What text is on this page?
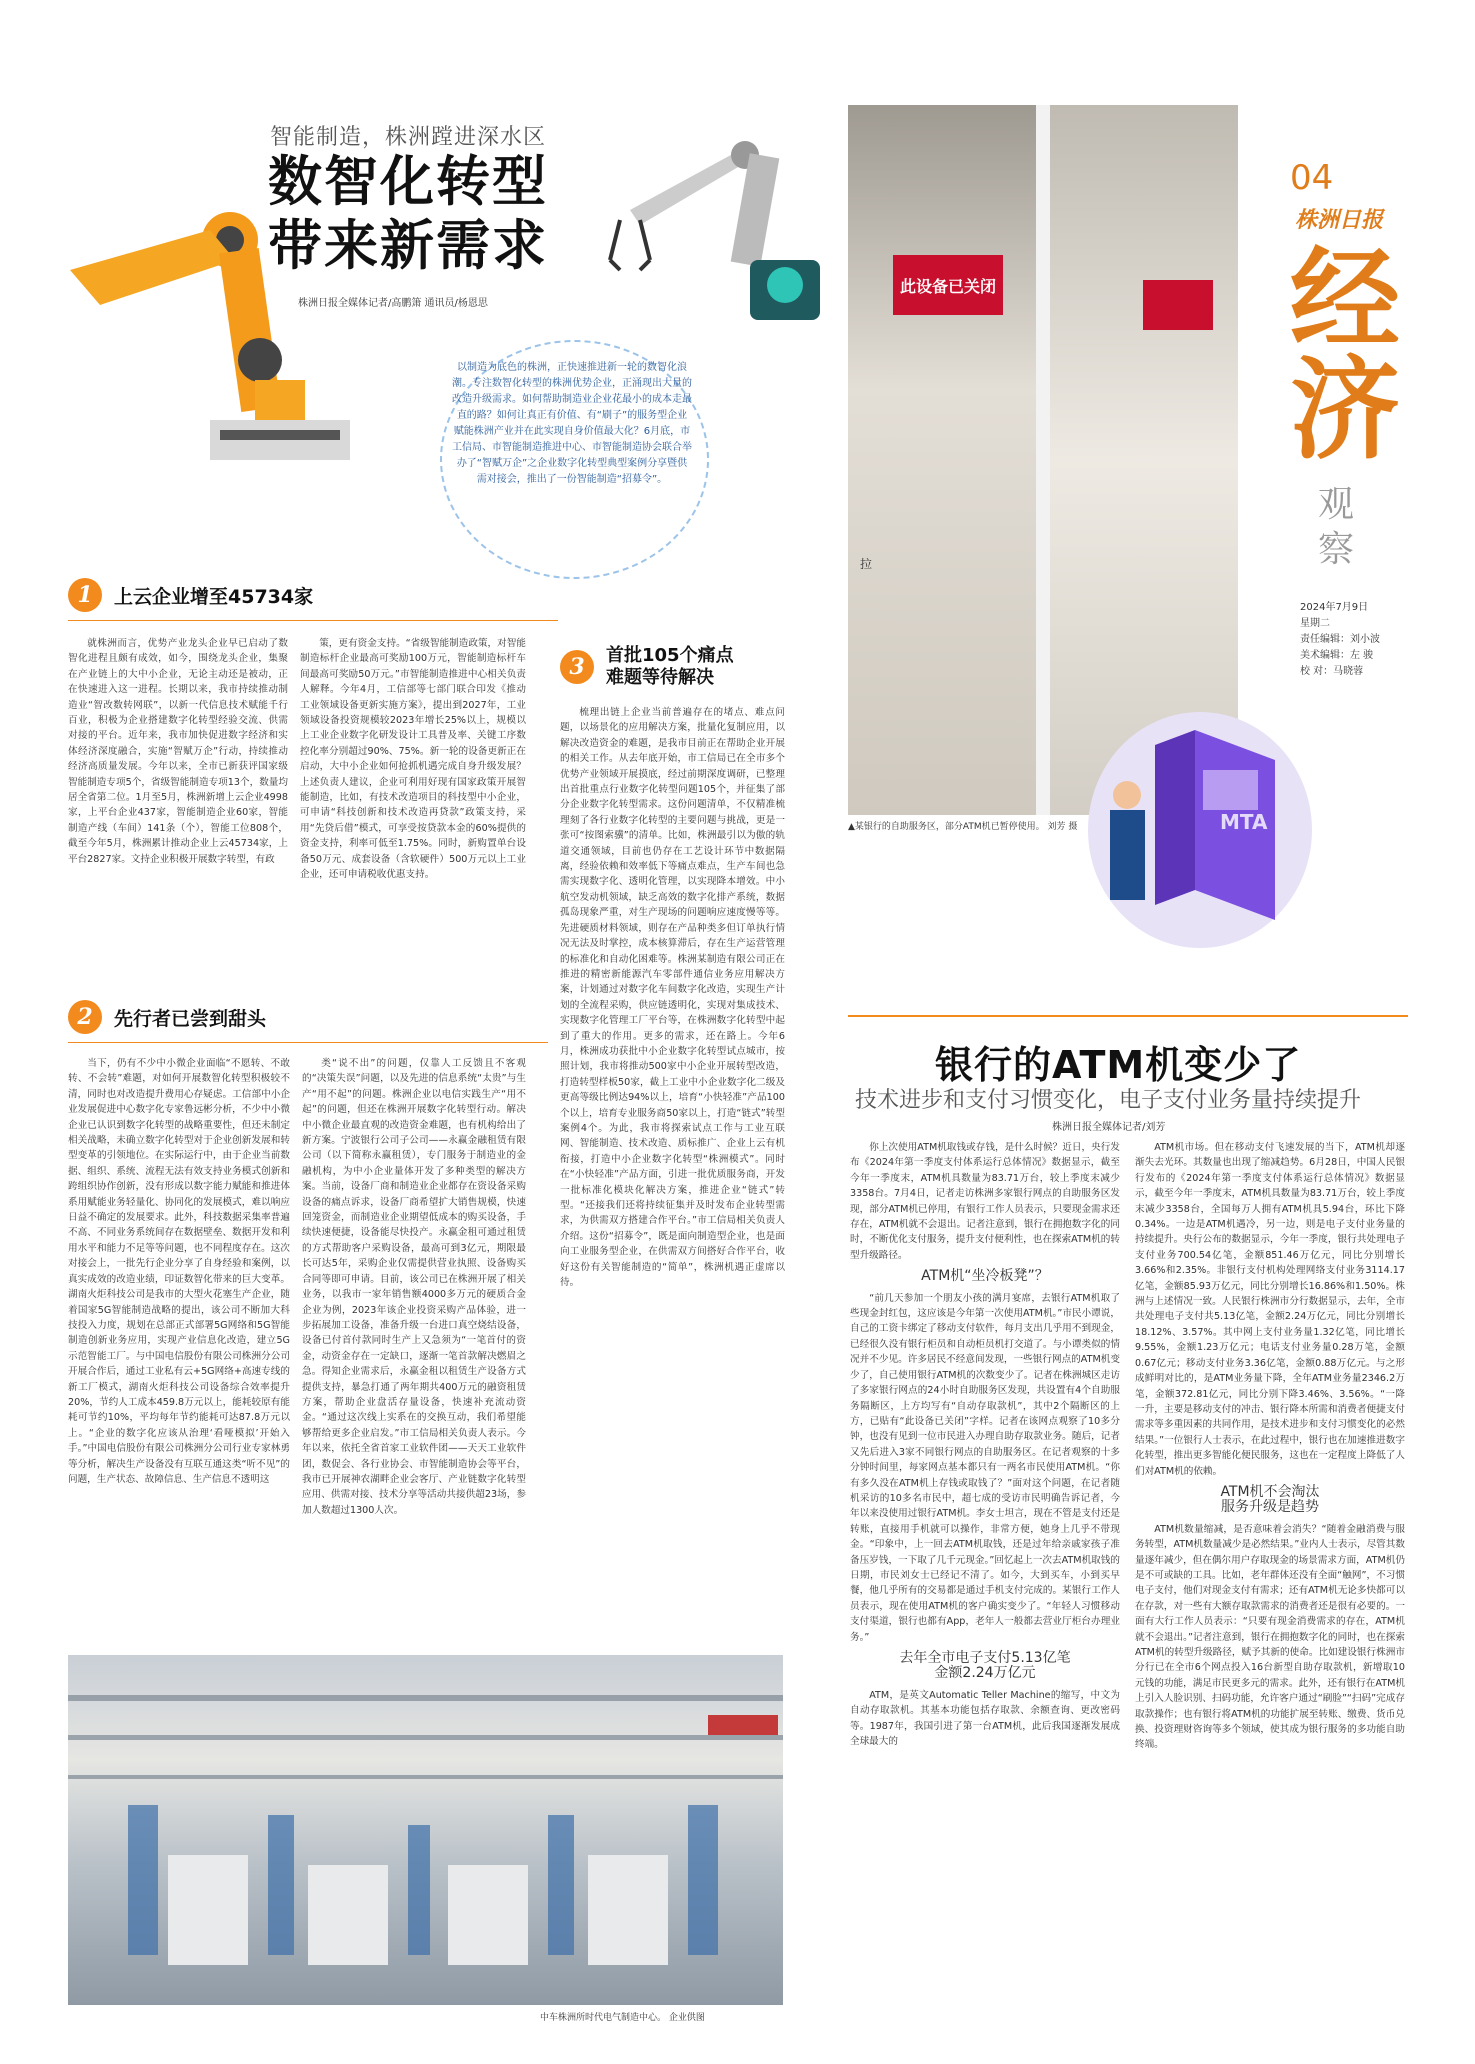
智能制造，株洲蹚进深水区
数智化转型
带来新需求
株洲日报全媒体记者/高鹏箫 通讯员/杨恩思
以制造为底色的株洲，正快速推进新一轮的数智化浪潮。专注数智化转型的株洲优势企业，正涌现出大量的改造升级需求。如何帮助制造业企业花最小的成本走最直的路？如何让真正有价值、有“刷子”的服务型企业赋能株洲产业并在此实现自身价值最大化？6月底，市工信局、市智能制造推进中心、市智能制造协会联合举办了“智赋万企”之企业数字化转型典型案例分享暨供需对接会，推出了一份智能制造“招募令”。
1	上云企业增至45734家

就株洲而言，优势产业龙头企业早已启动了数智化进程且颇有成效，如今，围绕龙头企业，集聚在产业链上的大中小企业，无论主动还是被动，正在快速进入这一进程。长期以来，我市持续推动制造业“智改数转网联”，以新一代信息技术赋能千行百业，积极为企业搭建数字化转型经验交流、供需对接的平台。近年来，我市加快促进数字经济和实体经济深度融合，实施“智赋万企”行动，持续推动经济高质量发展。今年以来，全市已新获评国家级智能制造专项5个，省级智能制造专项13个，数量均居全省第二位。1月至5月，株洲新增上云企业4998家，上平台企业437家，智能制造企业60家，智能制造产线（车间）141条（个），智能工位808个，截至今年5月，株洲累计推动企业上云45734家，上平台2827家。文持企业积极开展数字转型，有政

策，更有资金支持。“省级智能制造政策，对智能制造标杆企业最高可奖励100万元，智能制造标杆车间最高可奖励50万元。”市智能制造推进中心相关负责人解释。今年4月，工信部等七部门联合印发《推动工业领域设备更新实施方案》，提出到2027年，工业领域设备投资规模较2023年增长25%以上，规模以上工业企业数字化研发设计工具普及率、关键工序数控化率分别超过90%、75%。新一轮的设备更新正在启动，大中小企业如何抢抓机遇完成自身升级发展？上述负责人建议，企业可利用好现有国家政策开展智能制造，比如，有技术改造项目的科技型中小企业，可申请“科技创新和技术改造再贷款”政策支持，采用“先贷后借”模式，可享受按贷款本金的60%提供的资金支持，利率可低至1.75%。同时，新购置单台设备50万元、成套设备（含软硬件）500万元以上工业企业，还可申请税收优惠支持。

2	先行者已尝到甜头

当下，仍有不少中小微企业面临“不愿转、不敢转、不会转”难题，对如何开展数智化转型积极较不清，同时也对改造提升费用心存疑虑。工信部中小企业发展促进中心数字化专家鲁远彬分析，不少中小微企业已认识到数字化转型的战略重要性，但还未制定相关战略，未确立数字化转型对于企业创新发展和转型变革的引领地位。在实际运行中，由于企业当前数据、组织、系统、流程无法有效支持业务模式创新和跨组织协作创新，没有形成以数字能力赋能和推进体系用赋能业务轻量化、协同化的发展模式，难以响应日益不确定的发展要求。此外，科技数据采集率普遍不高、不同业务系统间存在数据壁垒、数据开发和利用水平和能力不足等等问题，也不同程度存在。这次对接会上，一批先行企业分享了自身经验和案例，以真实成效的改造业绩，印证数智化带来的巨大变革。湖南火炬科技公司是我市的大型火花塞生产企业，随着国家5G智能制造战略的提出，该公司不断加大科技投入力度，规划在总部正式部署5G网络和5G智能制造创新业务应用，实现产业信息化改造，建立5G示范智能工厂。与中国电信股份有限公司株洲分公司开展合作后，通过工业私有云+5G网络+高速专线的新工厂模式，湖南火炬科技公司设备综合效率提升20%，节约人工成本459.8万元以上，能耗较原有能耗可节约10%，平均每年节约能耗可达87.8万元以上。“企业的数字化应该从治理‘看哑模拟’开始入手。”中国电信股份有限公司株洲分公司行业专家林勇等分析，解决生产设备没有互联互通这类“听不见”的问题，生产状态、故障信息、生产信息不透明这

类“说不出”的问题，仅靠人工反馈且不客观的“决策失误”问题，以及先进的信息系统“太贵”与生产“用不起”的问题。株洲企业以电信实践生产“用不起”的问题，但还在株洲开展数字化转型行动。解决中小微企业最直观的改造资金难题，也有机构给出了新方案。宁波银行公司子公司——永赢金融租赁有限公司（以下简称永赢租赁），专门服务于制造业的金融机构，为中小企业量体开发了多种类型的解决方案。当前，设备厂商和制造业企业都存在资设备采购设备的痛点诉求，设备厂商希望扩大销售规模，快速回笼资金，而制造业企业期望低成本的购买设备，手续快速便捷，设备能尽快投产。永赢金租可通过租赁的方式帮助客户采购设备，最高可到3亿元，期限最长可达5年，采购企业仅需提供营业执照、设备购买合同等即可申请。目前，该公司已在株洲开展了相关业务，以我市一家年销售额4000多万元的硬质合金企业为例，2023年该企业投资采购产品体验，进一步拓展加工设备，准备升级一台进口真空烧结设备，设备已付首付款同时生产上又急须为“一笔首付的资金，动资金存在一定缺口，逐渐一笔首款解决燃眉之急。得知企业需求后，永赢金租以租赁生产设备方式提供支持，暴急打通了两年期共400万元的融资租赁方案，帮助企业盘活存量设备，快速补充流动资金。“通过这次线上实系在的交换互动，我们希望能够帮给更多企业启发。”市工信局相关负责人表示。今年以来，依托全省首家工业软件团——天天工业软件团，数促会、各行业协会、市智能制造协会等平台，我市已开展神农湖畔企业会客厅、产业链数字化转型应用、供需对接、技术分享等活动共接供超23场，参加人数超过1300人次。

3	首批105个痛点
难题等待解决

梳理出链上企业当前普遍存在的堵点、难点问题，以场景化的应用解决方案，批量化复制应用，以解决改造资金的难题，是我市目前正在帮助企业开展的相关工作。从去年底开始，市工信局已在全市多个优势产业领域开展摸底，经过前期深度调研，已整理出首批重点行业数字化转型问题105个，并征集了部分企业数字化转型需求。这份问题清单，不仅精准梳理刻了各行业数字化转型的主要问题与挑战，更是一张可“按图索骥”的清单。比如，株洲最引以为傲的轨道交通领域，目前也仍存在工艺设计环节中数据隔离，经验依赖和效率低下等痛点难点，生产车间也急需实现数字化、透明化管理，以实现降本增效。中小航空发动机领域，缺乏高效的数字化排产系统，数据孤岛现象严重，对生产现场的问题响应速度慢等等。先进硬质材料领域，则存在产品种类多但订单执行情况无法及时掌控，成本核算滞后，存在生产运营管理的标准化和自动化困难等。株洲某制造有限公司正在推进的精密新能源汽车零部件通信业务应用解决方案，计划通过对数字化车间数字化改造，实现生产计划的全流程采购，供应链透明化，实现对集成技术、实现数字化管理工厂平台等，在株洲数字化转型中起到了重大的作用。更多的需求，还在路上。今年6月，株洲成功获批中小企业数字化转型试点城市，按照计划，我市将推动500家中小企业开展转型改造，打造转型样板50家，截上工业中小企业数字化二级及更高等级比例达94%以上，培育“小快轻准”产品100个以上，培育专业服务商50家以上，打造“链式”转型案例4个。为此，我市将探索试点工作与工业互联网、智能制造、技术改造、质标推广、企业上云有机衔接，打造中小企业数字化转型“株洲模式”。同时在“小快轻准”产品方面，引进一批优质服务商，开发一批标准化模块化解决方案，推进企业“链式”转型。“还接我们还将持续征集并及时发布企业转型需求，为供需双方搭建合作平台。”市工信局相关负责人介绍。这份“招募令”，既是面向制造型企业，也是面向工业服务型企业，在供需双方间搭好合作平台，收好这份有关智能制造的“简单”，株洲机遇正虚席以待。

中车株洲所时代电气制造中心。 企业供图
04
株洲日报
经
济
观
察
2024年7月9日
星期二
责任编辑：刘小波
美术编辑：左 骏
校 对：马晓蓉
此设备已关闭
拉
MTA
▲某银行的自助服务区，部分ATM机已暂停使用。 刘芳 摄
银行的ATM机变少了
技术进步和支付习惯变化，电子支付业务量持续提升
株洲日报全媒体记者/刘芳

你上次使用ATM机取钱或存钱，是什么时候？近日，央行发布《2024年第一季度支付体系运行总体情况》数据显示，截至今年一季度末，ATM机具数量为83.71万台，较上季度末减少3358台。7月4日，记者走访株洲多家银行网点的自助服务区发现，部分ATM机已停用，有银行工作人员表示，只要现金需求还存在，ATM机就不会退出。记者注意到，银行在拥抱数字化的同时，不断优化支付服务，提升支付便利性，也在探索ATM机的转型升级路径。

ATM机“坐冷板凳”？

“前几天参加一个朋友小孩的满月宴席，去银行ATM机取了些现金封红包，这应该是今年第一次使用ATM机。”市民小谭说，自己的工资卡绑定了移动支付软件，每月支出几乎用不到现金，已经很久没有银行柜员和自动柜员机打交道了。与小谭类似的情况并不少见。许多居民不经意间发现，一些银行网点的ATM机变少了，自己使用银行ATM机的次数变少了。记者在株洲城区走访了多家银行网点的24小时自助服务区发现，共设置有4个自助服务隔断区，上方均写有“自动存取款机”，其中2个隔断区的上方，已贴有“此设备已关闭”字样。记者在该网点观察了10多分钟，也没有见到一位市民进入办理自助存取款业务。随后，记者又先后进入3家不同银行网点的自助服务区。在记者观察的十多分钟时间里，每家网点基本都只有一两名市民使用ATM机。“你有多久没在ATM机上存钱或取钱了？”面对这个问题，在记者随机采访的10多名市民中，超七成的受访市民明确告诉记者，今年以来没使用过银行ATM机。李女士坦言，现在不管是支付还是转账，直接用手机就可以操作，非常方便，她身上几乎不带现金。“印象中，上一回去ATM机取钱，还是过年给亲戚家孩子准备压岁钱，一下取了几千元现金。”回忆起上一次去ATM机取钱的日期，市民刘女士已经记不清了。如今，大到买车，小到买早餐，他几乎所有的交易都是通过手机支付完成的。某银行工作人员表示，现在使用ATM机的客户确实变少了。“年轻人习惯移动支付渠道，银行也都有App，老年人一般都去营业厅柜台办理业务。”

去年全市电子支付5.13亿笔
金额2.24万亿元

ATM，是英文Automatic Teller Machine的缩写，中文为自动存取款机。其基本功能包括存取款、余额查询、更改密码等。1987年，我国引进了第一台ATM机，此后我国逐渐发展成全球最大的

ATM机市场。但在移动支付飞速发展的当下，ATM机却逐渐失去光环。其数量也出现了缩减趋势。6月28日，中国人民银行发布的《2024年第一季度支付体系运行总体情况》数据显示，截至今年一季度末，ATM机具数量为83.71万台，较上季度末减少3358台，全国每万人拥有ATM机具5.94台，环比下降0.34%。一边是ATM机遇冷，另一边，则是电子支付业务量的持续提升。央行公布的数据显示，今年一季度，银行共处理电子支付业务700.54亿笔，金额851.46万亿元，同比分别增长3.66%和2.35%。非银行支付机构处理网络支付业务3114.17亿笔，金额85.93万亿元，同比分别增长16.86%和1.50%。株洲与上述情况一致。人民银行株洲市分行数据显示，去年，全市共处理电子支付共5.13亿笔，金额2.24万亿元，同比分别增长18.12%、3.57%。其中网上支付业务量1.32亿笔，同比增长9.55%，金额1.23万亿元；电话支付业务量0.28万笔，金额0.67亿元；移动支付业务3.36亿笔，金额0.88万亿元。与之形成鲜明对比的，是ATM业务量下降，全年ATM业务量2346.2万笔，金额372.81亿元，同比分别下降3.46%、3.56%。“一降一升，主要是移动支付的冲击、银行降本所需和消费者便捷支付需求等多重因素的共同作用，是技术进步和支付习惯变化的必然结果。”一位银行人士表示，在此过程中，银行也在加速推进数字化转型，推出更多智能化便民服务，这也在一定程度上降低了人们对ATM机的依赖。

ATM机不会淘汰
服务升级是趋势

ATM机数量缩减，是否意味着会消失？“随着金融消费与服务转型，ATM机数量减少是必然结果。”业内人士表示，尽管其数量逐年减少，但在偶尔用户存取现金的场景需求方面，ATM机仍是不可或缺的工具。比如，老年群体还没有全面“触网”，不习惯电子支付，他们对现金支付有需求；还有ATM机无论多快都可以在存款，对一些有大额存取款需求的消费者还是很有必要的。一面有大行工作人员表示：“只要有现金消费需求的存在，ATM机就不会退出。”记者注意到，银行在拥抱数字化的同时，也在探索ATM机的转型升级路径，赋予其新的使命。比如建设银行株洲市分行已在全市6个网点投入16台新型自助存取款机，新增取10元钱的功能，满足市民更多元的需求。此外，还有银行在ATM机上引入人脸识别、扫码功能，允许客户通过“刷脸”“扫码”完成存取款操作；也有银行将ATM机的功能扩展至转账、缴费、货币兑换、投资理财咨询等多个领域，使其成为银行服务的多功能自助终端。
